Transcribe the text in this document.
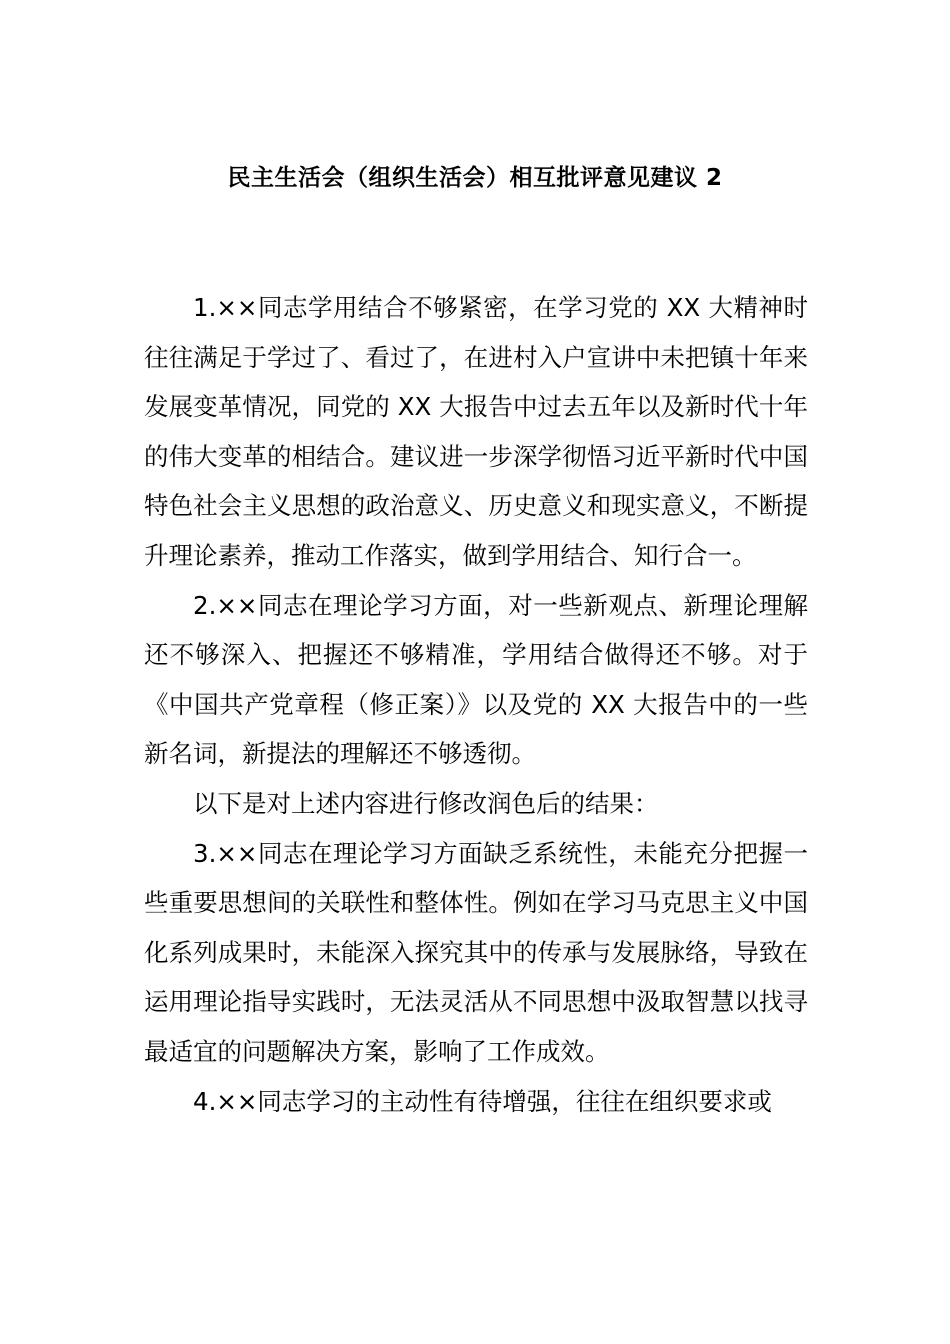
民主生活会（组织生活会）相互批评意见建议 2

1.××同志学用结合不够紧密，在学习党的 XX 大精神时往往满足于学过了、看过了，在进村入户宣讲中未把镇十年来发展变革情况，同党的 XX 大报告中过去五年以及新时代十年的伟大变革的相结合。建议进一步深学彻悟习近平新时代中国特色社会主义思想的政治意义、历史意义和现实意义，不断提升理论素养，推动工作落实，做到学用结合、知行合一。

2.××同志在理论学习方面，对一些新观点、新理论理解还不够深入、把握还不够精准，学用结合做得还不够。对于《中国共产党章程（修正案）》以及党的 XX 大报告中的一些新名词，新提法的理解还不够透彻。

以下是对上述内容进行修改润色后的结果：

3.××同志在理论学习方面缺乏系统性，未能充分把握一些重要思想间的关联性和整体性。例如在学习马克思主义中国化系列成果时，未能深入探究其中的传承与发展脉络，导致在运用理论指导实践时，无法灵活从不同思想中汲取智慧以找寻最适宜的问题解决方案，影响了工作成效。

4.××同志学习的主动性有待增强，往往在组织要求或
